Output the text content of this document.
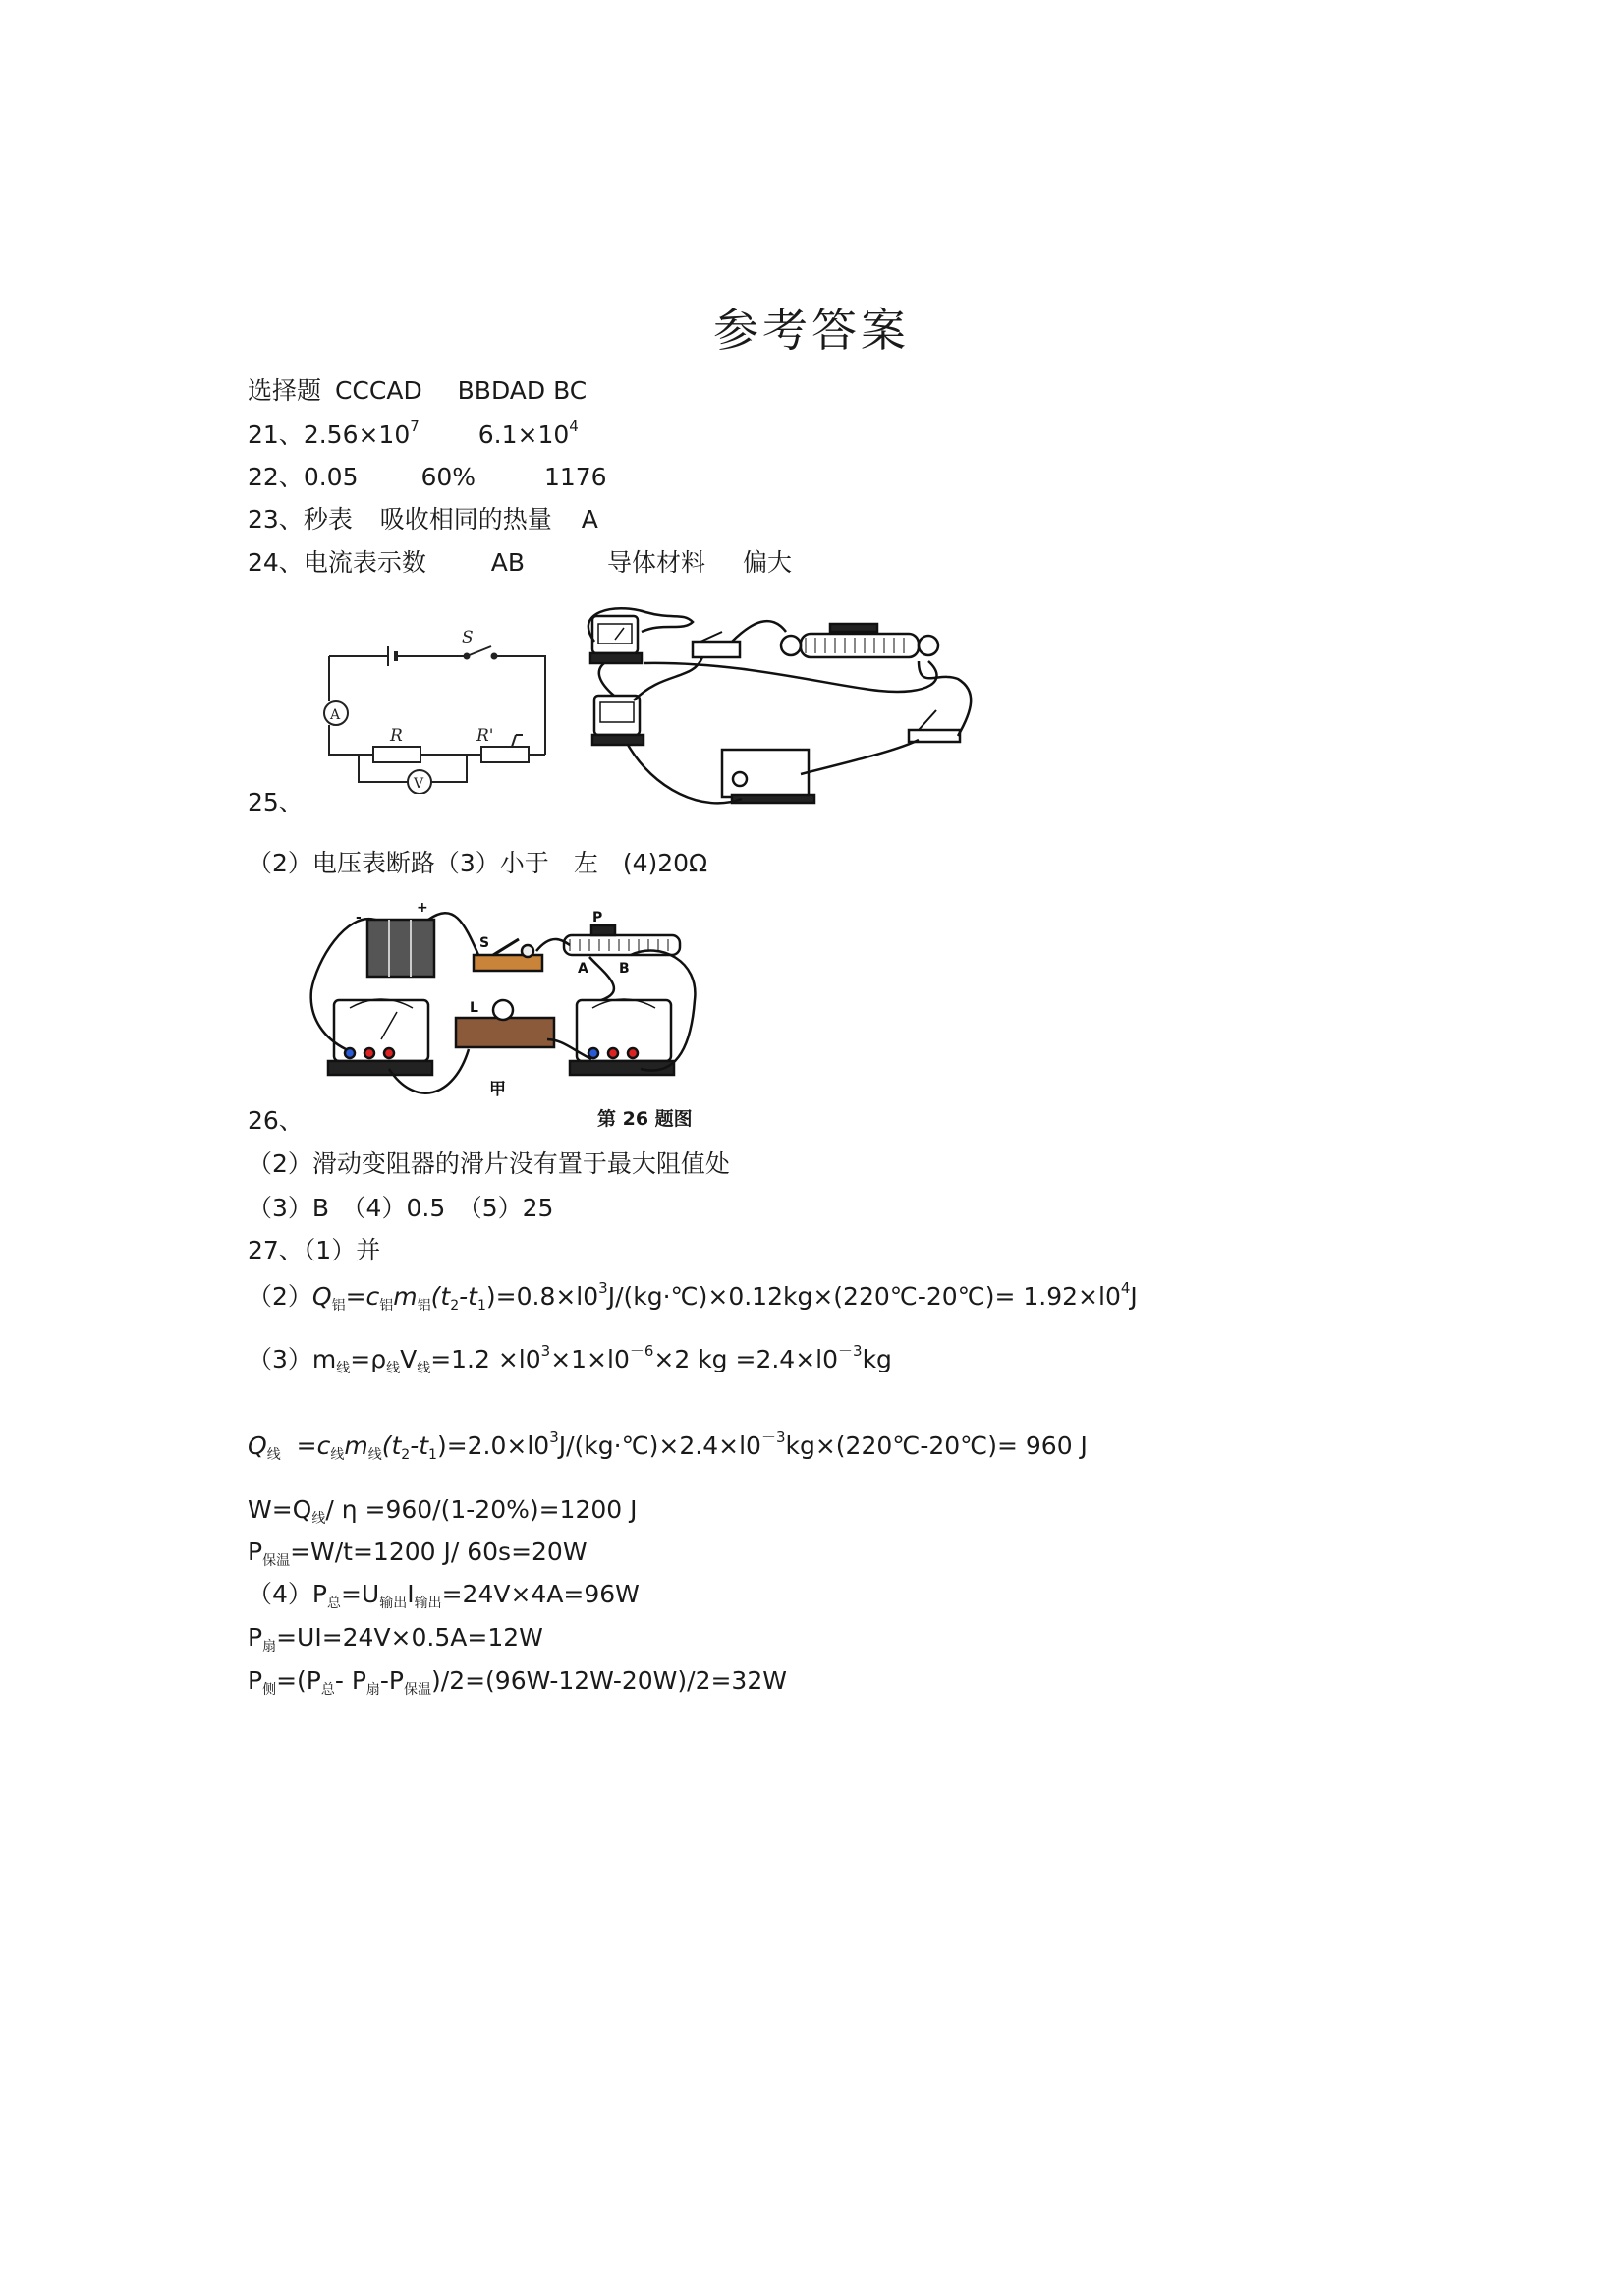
参考答案
选择题 CCCAD BBDAD BC
21、$2.56\times 10^7$ $6.1\times 10^4$
22、0.05	60%	1176
23、秒表 吸收相同的热量 A
24、电流表示数	AB	导体材料 偏大
S
A
R	R'
V
25、
（2）电压表断路（3）小于　左　(4)20Ω
-
+
S
P
A B
L
甲
第 26 题图
26、
（2）滑动变阻器的滑片没有置于最大阻值处
（3）B　（4）0.5　（5）25
27、（1）并
$(2)Q_铝=c_铝m_铝(t_2-t_1)=0.8\times l0^3J/(kg\cdot℃)\times 0.12kg\times(220℃-20℃)= 1.92\times l0^4J$
$(3)m_线=\rho_线V_线=1.2 \times l0^3\times 1\times l0^{-6}\times 2$ kg $=2.4\times l0^{-3}kg$
$Q_线$ $=c_线m_线(t_2-t_1)=2.0\times l0^3J/(kg\cdot℃)\times 2.4\times l0^{-3}kg\times(220℃-20℃)= 960$ J
$W=Q_线/$ η =960/(1-20%)=1200 J
$P_{保温}=W/t=1200$ J/ 60s=20W
$(4)P_总=U_{输出}I_{输出}=24V\times 4A=96W$
$P_扇=UI=24V\times 0.5A=12W$
$P_侧=(P_总-$ $P_扇-P_{保温})/2=(96W-12W-20W)/2=32W$
